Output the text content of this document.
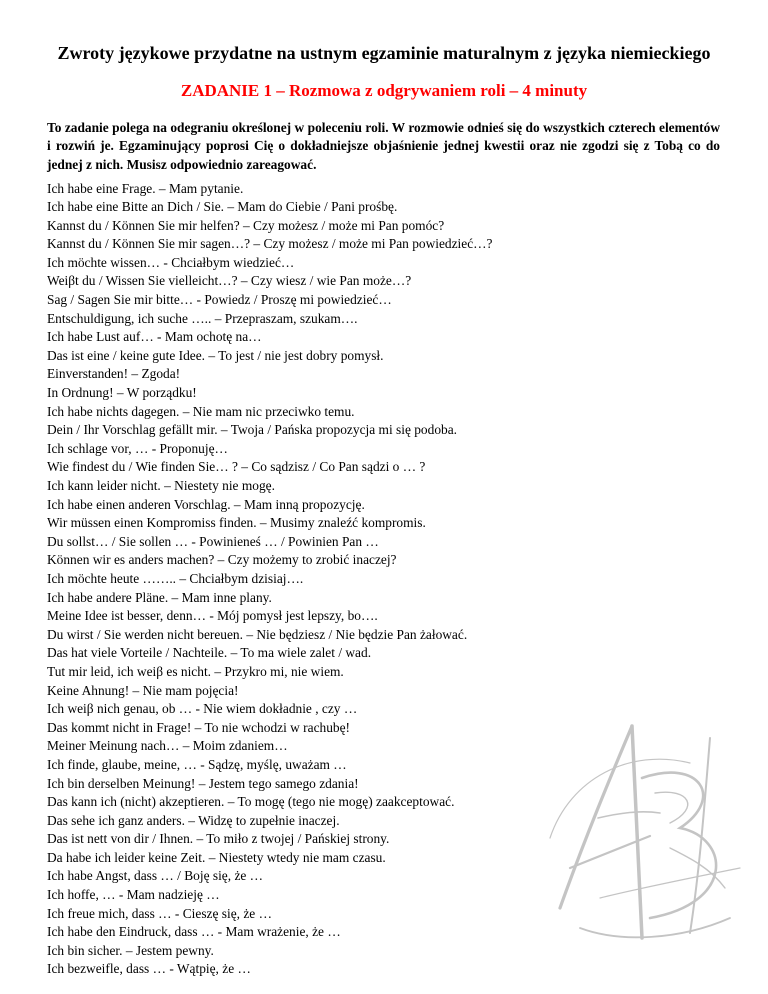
Zwroty językowe przydatne na ustnym egzaminie maturalnym z języka niemieckiego
ZADANIE 1 – Rozmowa z odgrywaniem roli – 4 minuty
To zadanie polega na odegraniu określonej w poleceniu roli. W rozmowie odnieś się do wszystkich czterech elementów i rozwiń je. Egzaminujący poprosi Cię o dokładniejsze objaśnienie jednej kwestii oraz nie zgodzi się z Tobą co do jednej z nich. Musisz odpowiednio zareagować.
Ich habe eine Frage. – Mam pytanie.
Ich habe eine Bitte an Dich / Sie. – Mam do Ciebie / Pani prośbę.
Kannst du / Können Sie mir helfen? – Czy możesz / może mi Pan pomóc?
Kannst du / Können Sie mir sagen…? – Czy możesz / może mi Pan powiedzieć…?
Ich möchte wissen… - Chciałbym wiedzieć…
Weiβt du / Wissen Sie vielleicht…? – Czy wiesz / wie Pan może…?
Sag / Sagen Sie mir bitte… - Powiedz / Proszę mi powiedzieć…
Entschuldigung, ich suche ….. – Przepraszam, szukam….
Ich habe Lust auf… - Mam ochotę na…
Das ist eine / keine gute Idee. – To jest / nie jest dobry pomysł.
Einverstanden! – Zgoda!
In Ordnung! – W porządku!
Ich habe nichts dagegen. – Nie mam nic przeciwko temu.
Dein / Ihr Vorschlag gefällt mir. – Twoja / Pańska propozycja mi się podoba.
Ich schlage vor, … - Proponuję…
Wie findest du / Wie finden Sie… ? – Co sądzisz / Co Pan sądzi o … ?
Ich kann leider nicht. – Niestety nie mogę.
Ich habe einen anderen Vorschlag. – Mam inną propozycję.
Wir müssen einen Kompromiss finden. – Musimy znaleźć kompromis.
Du sollst… / Sie sollen … - Powinieneś … / Powinien Pan …
Können wir es anders machen? – Czy możemy to zrobić inaczej?
Ich möchte heute …….. – Chciałbym dzisiaj….
Ich habe andere Pläne. – Mam inne plany.
Meine Idee ist besser, denn… - Mój pomysł jest lepszy, bo….
Du wirst / Sie werden nicht bereuen. – Nie będziesz / Nie będzie Pan żałować.
Das hat viele Vorteile / Nachteile. – To ma wiele zalet / wad.
Tut mir leid, ich weiβ es nicht. – Przykro mi, nie wiem.
Keine Ahnung! – Nie mam pojęcia!
Ich weiβ nich genau, ob … - Nie wiem dokładnie , czy …
Das kommt nicht in Frage! – To nie wchodzi w rachubę!
Meiner Meinung nach… – Moim zdaniem…
Ich finde, glaube, meine, … - Sądzę, myślę, uważam …
Ich bin derselben Meinung! – Jestem tego samego zdania!
Das kann ich (nicht) akzeptieren. – To mogę (tego nie mogę) zaakceptować.
Das sehe ich ganz anders. – Widzę to zupełnie inaczej.
Das ist nett von dir / Ihnen. – To miło z twojej / Pańskiej strony.
Da habe ich leider keine Zeit. – Niestety wtedy nie mam czasu.
Ich habe Angst, dass … / Boję się, że …
Ich hoffe, … - Mam nadzieję …
Ich freue mich, dass … - Cieszę się, że …
Ich habe den Eindruck, dass … - Mam wrażenie, że …
Ich bin sicher. – Jestem pewny.
Ich bezweifle, dass … - Wątpię, że …
